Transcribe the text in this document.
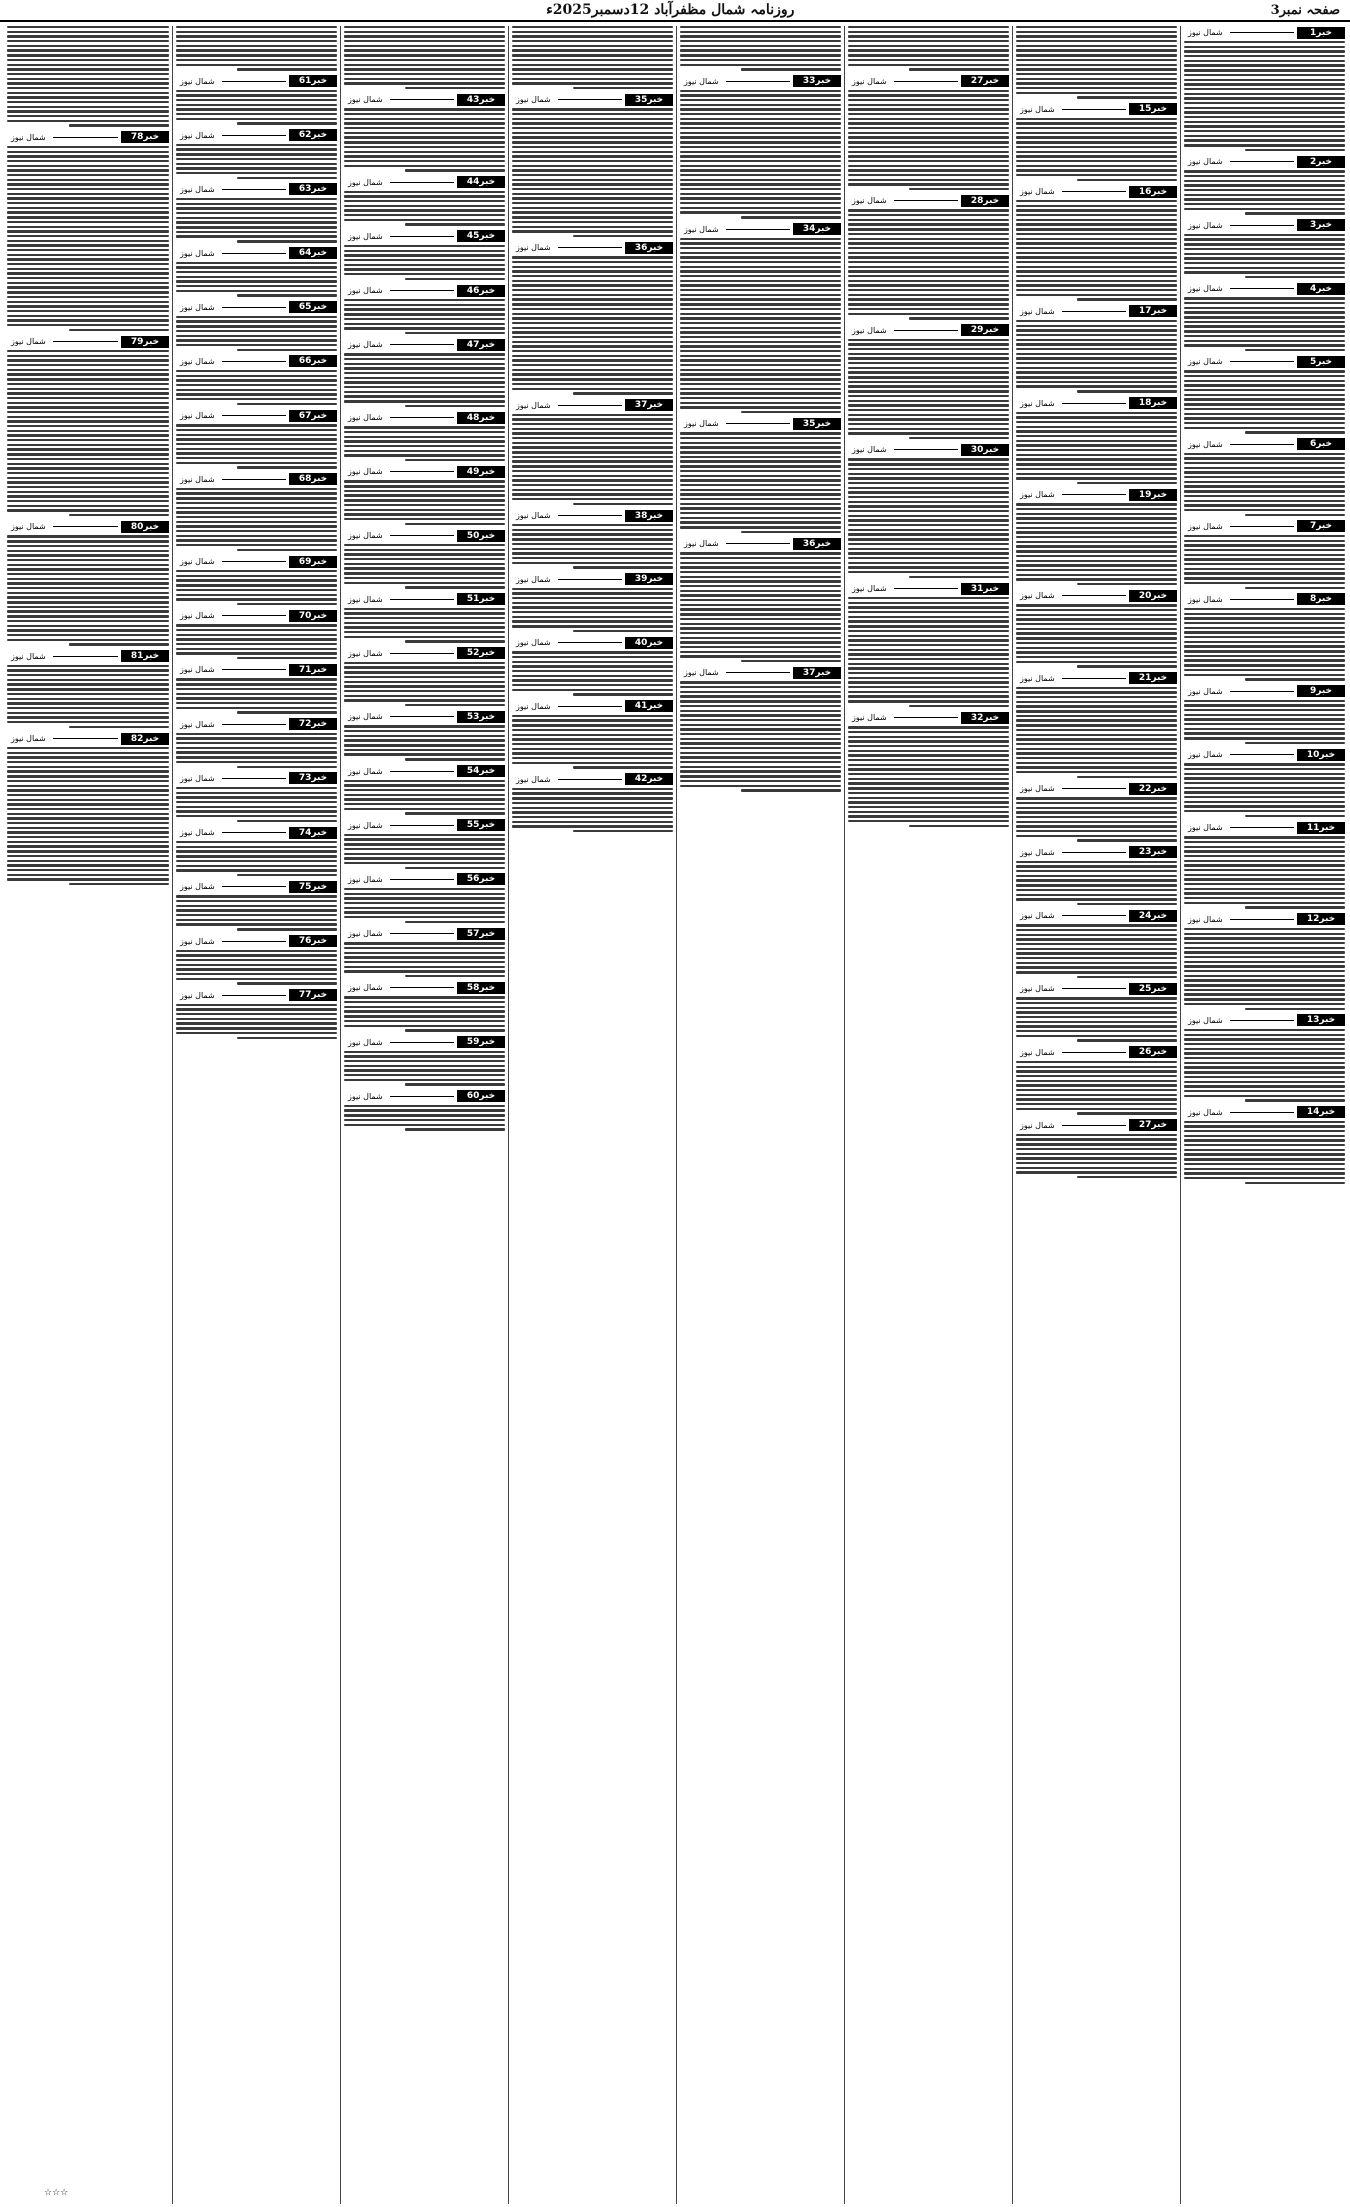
صفحہ نمبر3
روزنامہ شمال مظفرآباد 12دسمبر2025ء
خبر1
شمال نیوز
خبر2
شمال نیوز
خبر3
شمال نیوز
خبر4
شمال نیوز
خبر5
شمال نیوز
خبر6
شمال نیوز
خبر7
شمال نیوز
خبر8
شمال نیوز
خبر9
شمال نیوز
خبر10
شمال نیوز
خبر11
شمال نیوز
خبر12
شمال نیوز
خبر13
شمال نیوز
خبر14
شمال نیوز
خبر15
شمال نیوز
خبر16
شمال نیوز
خبر17
شمال نیوز
خبر18
شمال نیوز
خبر19
شمال نیوز
خبر20
شمال نیوز
خبر21
شمال نیوز
خبر22
شمال نیوز
خبر23
شمال نیوز
خبر24
شمال نیوز
خبر25
شمال نیوز
خبر26
شمال نیوز
خبر27
شمال نیوز
خبر27
شمال نیوز
خبر28
شمال نیوز
خبر29
شمال نیوز
خبر30
شمال نیوز
خبر31
شمال نیوز
خبر32
شمال نیوز
خبر33
شمال نیوز
خبر34
شمال نیوز
خبر35
شمال نیوز
خبر36
شمال نیوز
خبر37
شمال نیوز
خبر35
شمال نیوز
خبر36
شمال نیوز
خبر37
شمال نیوز
خبر38
شمال نیوز
خبر39
شمال نیوز
خبر40
شمال نیوز
خبر41
شمال نیوز
خبر42
شمال نیوز
خبر43
شمال نیوز
خبر44
شمال نیوز
خبر45
شمال نیوز
خبر46
شمال نیوز
خبر47
شمال نیوز
خبر48
شمال نیوز
خبر49
شمال نیوز
خبر50
شمال نیوز
خبر51
شمال نیوز
خبر52
شمال نیوز
خبر53
شمال نیوز
خبر54
شمال نیوز
خبر55
شمال نیوز
خبر56
شمال نیوز
خبر57
شمال نیوز
خبر58
شمال نیوز
خبر59
شمال نیوز
خبر60
شمال نیوز
خبر61
شمال نیوز
خبر62
شمال نیوز
خبر63
شمال نیوز
خبر64
شمال نیوز
خبر65
شمال نیوز
خبر66
شمال نیوز
خبر67
شمال نیوز
خبر68
شمال نیوز
خبر69
شمال نیوز
خبر70
شمال نیوز
خبر71
شمال نیوز
خبر72
شمال نیوز
خبر73
شمال نیوز
خبر74
شمال نیوز
خبر75
شمال نیوز
خبر76
شمال نیوز
خبر77
شمال نیوز
خبر78
شمال نیوز
خبر79
شمال نیوز
خبر80
شمال نیوز
خبر81
شمال نیوز
خبر82
شمال نیوز
☆☆☆
